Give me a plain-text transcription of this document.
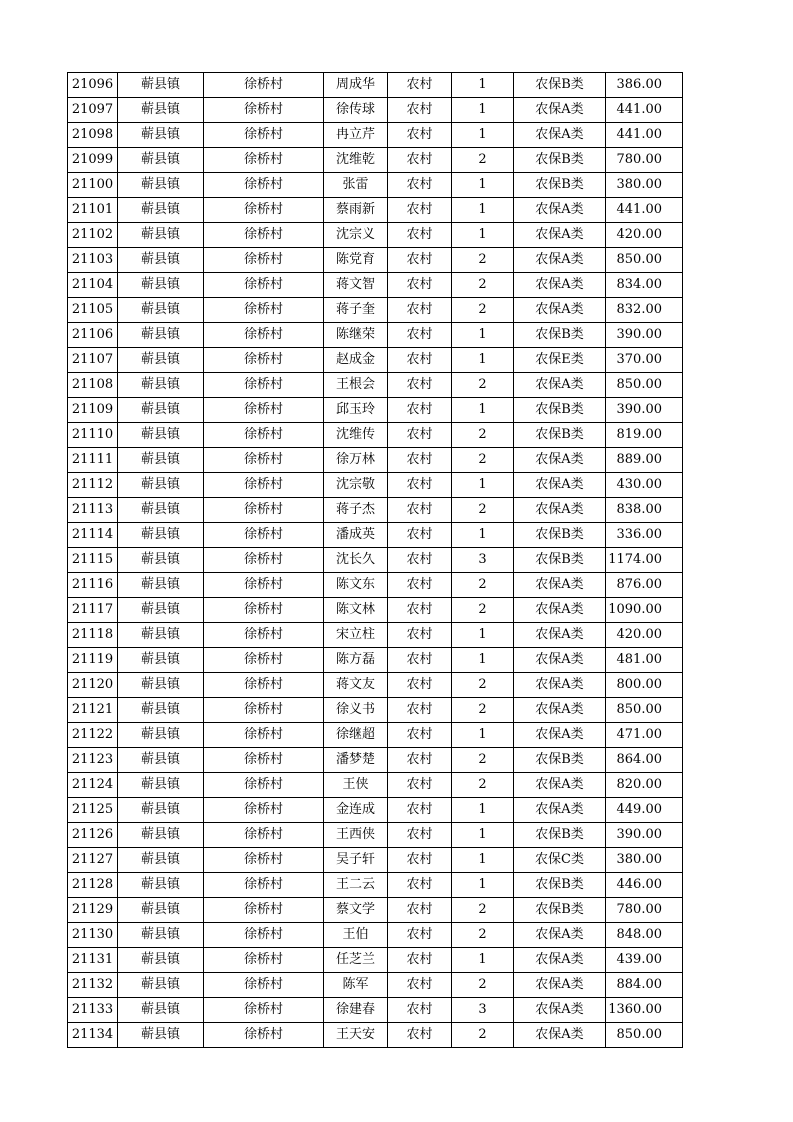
21096	蕲县镇	徐桥村	周成华	农村	1	农保B类	386.00
21097	蕲县镇	徐桥村	徐传球	农村	1	农保A类	441.00
21098	蕲县镇	徐桥村	冉立芹	农村	1	农保A类	441.00
21099	蕲县镇	徐桥村	沈维乾	农村	2	农保B类	780.00
21100	蕲县镇	徐桥村	张雷	农村	1	农保B类	380.00
21101	蕲县镇	徐桥村	蔡雨新	农村	1	农保A类	441.00
21102	蕲县镇	徐桥村	沈宗义	农村	1	农保A类	420.00
21103	蕲县镇	徐桥村	陈党育	农村	2	农保A类	850.00
21104	蕲县镇	徐桥村	蒋文智	农村	2	农保A类	834.00
21105	蕲县镇	徐桥村	蒋子奎	农村	2	农保A类	832.00
21106	蕲县镇	徐桥村	陈继荣	农村	1	农保B类	390.00
21107	蕲县镇	徐桥村	赵成金	农村	1	农保E类	370.00
21108	蕲县镇	徐桥村	王根会	农村	2	农保A类	850.00
21109	蕲县镇	徐桥村	邱玉玲	农村	1	农保B类	390.00
21110	蕲县镇	徐桥村	沈维传	农村	2	农保B类	819.00
21111	蕲县镇	徐桥村	徐万林	农村	2	农保A类	889.00
21112	蕲县镇	徐桥村	沈宗敬	农村	1	农保A类	430.00
21113	蕲县镇	徐桥村	蒋子杰	农村	2	农保A类	838.00
21114	蕲县镇	徐桥村	潘成英	农村	1	农保B类	336.00
21115	蕲县镇	徐桥村	沈长久	农村	3	农保B类	1174.00
21116	蕲县镇	徐桥村	陈文东	农村	2	农保A类	876.00
21117	蕲县镇	徐桥村	陈文林	农村	2	农保A类	1090.00
21118	蕲县镇	徐桥村	宋立柱	农村	1	农保A类	420.00
21119	蕲县镇	徐桥村	陈方磊	农村	1	农保A类	481.00
21120	蕲县镇	徐桥村	蒋文友	农村	2	农保A类	800.00
21121	蕲县镇	徐桥村	徐义书	农村	2	农保A类	850.00
21122	蕲县镇	徐桥村	徐继超	农村	1	农保A类	471.00
21123	蕲县镇	徐桥村	潘梦楚	农村	2	农保B类	864.00
21124	蕲县镇	徐桥村	王侠	农村	2	农保A类	820.00
21125	蕲县镇	徐桥村	金连成	农村	1	农保A类	449.00
21126	蕲县镇	徐桥村	王西侠	农村	1	农保B类	390.00
21127	蕲县镇	徐桥村	吴子轩	农村	1	农保C类	380.00
21128	蕲县镇	徐桥村	王二云	农村	1	农保B类	446.00
21129	蕲县镇	徐桥村	蔡文学	农村	2	农保B类	780.00
21130	蕲县镇	徐桥村	王伯	农村	2	农保A类	848.00
21131	蕲县镇	徐桥村	任芝兰	农村	1	农保A类	439.00
21132	蕲县镇	徐桥村	陈军	农村	2	农保A类	884.00
21133	蕲县镇	徐桥村	徐建春	农村	3	农保A类	1360.00
21134	蕲县镇	徐桥村	王天安	农村	2	农保A类	850.00
